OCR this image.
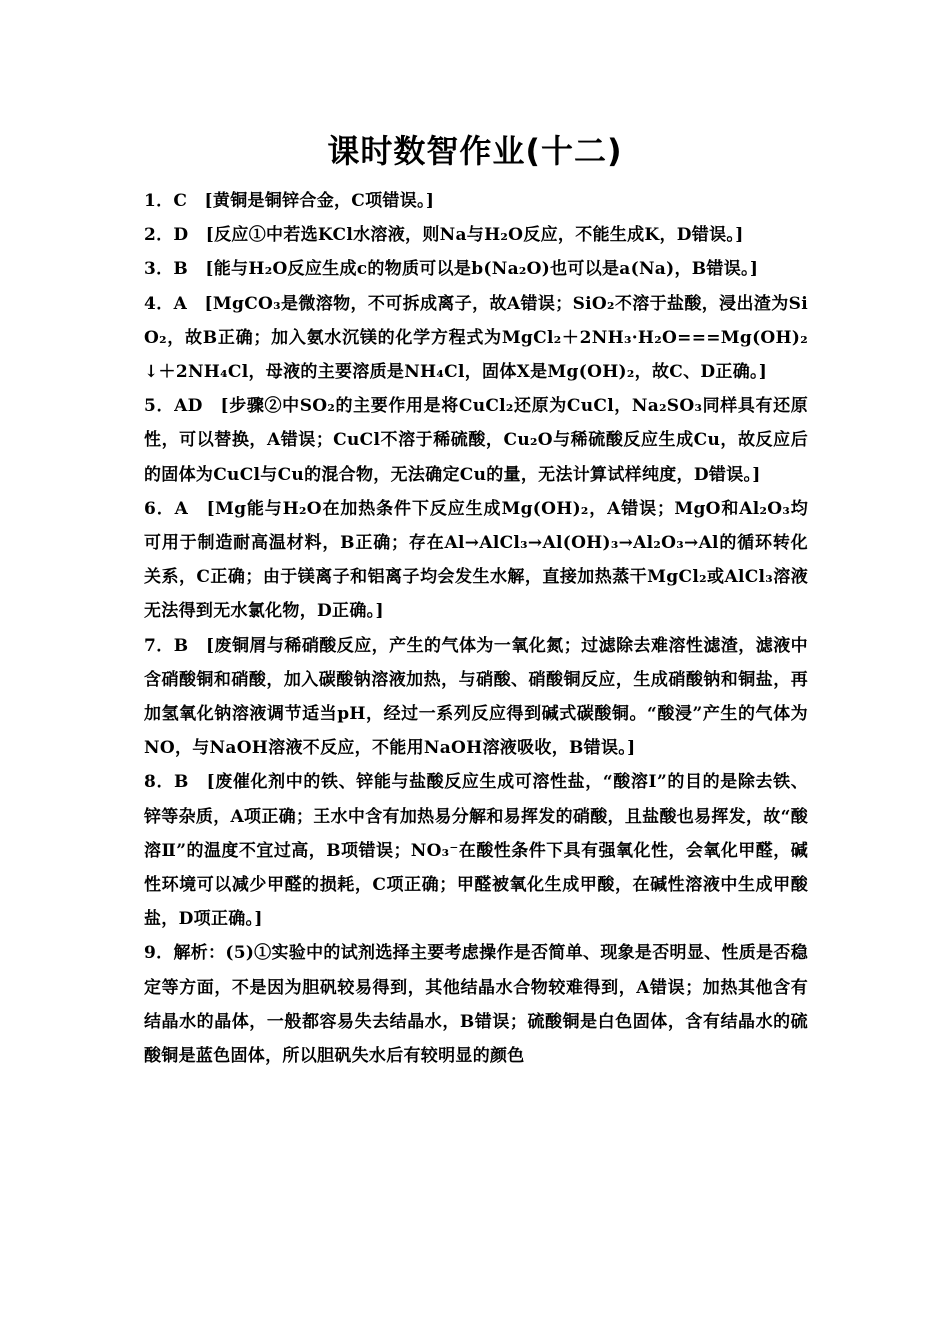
课时数智作业(十二)

1．C　[黄铜是铜锌合金，C项错误。]

2．D　[反应①中若选KCl水溶液，则Na与H₂O反应，不能生成K，D错误。]

3．B　[能与H₂O反应生成c的物质可以是b(Na₂O)也可以是a(Na)，B错误。]

4．A　[MgCO₃是微溶物，不可拆成离子，故A错误；SiO₂不溶于盐酸，浸出渣为SiO₂，故B正确；加入氨水沉镁的化学方程式为MgCl₂＋2NH₃·H₂O===Mg(OH)₂↓＋2NH₄Cl，母液的主要溶质是NH₄Cl，固体X是Mg(OH)₂，故C、D正确。]

5．AD　[步骤②中SO₂的主要作用是将CuCl₂还原为CuCl，Na₂SO₃同样具有还原性，可以替换，A错误；CuCl不溶于稀硫酸，Cu₂O与稀硫酸反应生成Cu，故反应后的固体为CuCl与Cu的混合物，无法确定Cu的量，无法计算试样纯度，D错误。]

6．A　[Mg能与H₂O在加热条件下反应生成Mg(OH)₂，A错误；MgO和Al₂O₃均可用于制造耐高温材料，B正确；存在Al→AlCl₃→Al(OH)₃→Al₂O₃→Al的循环转化关系，C正确；由于镁离子和铝离子均会发生水解，直接加热蒸干MgCl₂或AlCl₃溶液无法得到无水氯化物，D正确。]

7．B　[废铜屑与稀硝酸反应，产生的气体为一氧化氮；过滤除去难溶性滤渣，滤液中含硝酸铜和硝酸，加入碳酸钠溶液加热，与硝酸、硝酸铜反应，生成硝酸钠和铜盐，再加氢氧化钠溶液调节适当pH，经过一系列反应得到碱式碳酸铜。“酸浸”产生的气体为NO，与NaOH溶液不反应，不能用NaOH溶液吸收，B错误。]

8．B　[废催化剂中的铁、锌能与盐酸反应生成可溶性盐，“酸溶Ⅰ”的目的是除去铁、锌等杂质，A项正确；王水中含有加热易分解和易挥发的硝酸，且盐酸也易挥发，故“酸溶Ⅱ”的温度不宜过高，B项错误；NO₃⁻在酸性条件下具有强氧化性，会氧化甲醛，碱性环境可以减少甲醛的损耗，C项正确；甲醛被氧化生成甲酸，在碱性溶液中生成甲酸盐，D项正确。]

9．解析：(5)①实验中的试剂选择主要考虑操作是否简单、现象是否明显、性质是否稳定等方面，不是因为胆矾较易得到，其他结晶水合物较难得到，A错误；加热其他含有结晶水的晶体，一般都容易失去结晶水，B错误；硫酸铜是白色固体，含有结晶水的硫酸铜是蓝色固体，所以胆矾失水后有较明显的颜色
